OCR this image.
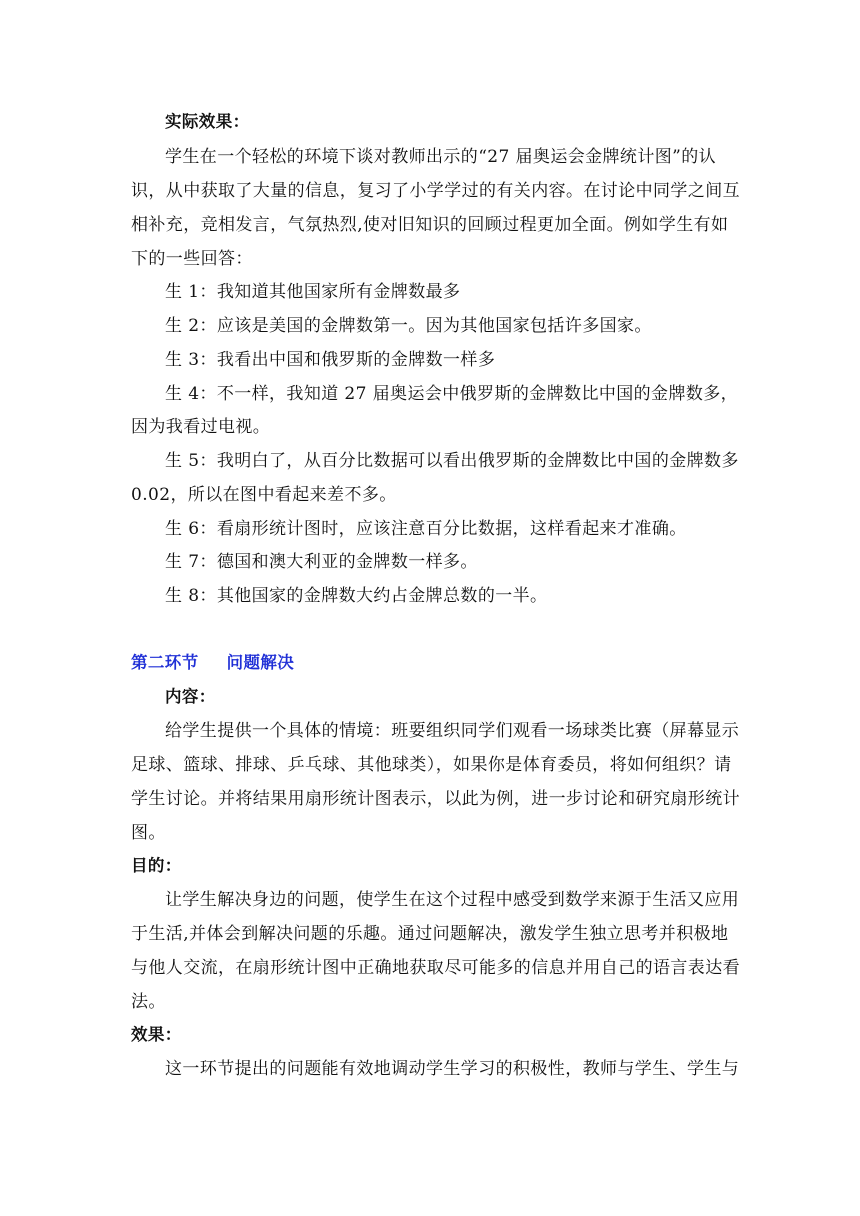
实际效果：
学生在一个轻松的环境下谈对教师出示的“27 届奥运会金牌统计图”的认
识，从中获取了大量的信息，复习了小学学过的有关内容。在讨论中同学之间互
相补充，竞相发言，气氛热烈,使对旧知识的回顾过程更加全面。例如学生有如
下的一些回答：
生 1：我知道其他国家所有金牌数最多
生 2：应该是美国的金牌数第一。因为其他国家包括许多国家。
生 3：我看出中国和俄罗斯的金牌数一样多
生 4：不一样，我知道 27 届奥运会中俄罗斯的金牌数比中国的金牌数多，
因为我看过电视。
生 5：我明白了，从百分比数据可以看出俄罗斯的金牌数比中国的金牌数多
0.02，所以在图中看起来差不多。
生 6：看扇形统计图时，应该注意百分比数据，这样看起来才准确。
生 7：德国和澳大利亚的金牌数一样多。
生 8：其他国家的金牌数大约占金牌总数的一半。
第二环节 问题解决
内容：
给学生提供一个具体的情境：班要组织同学们观看一场球类比赛（屏幕显示
足球、篮球、排球、乒乓球、其他球类），如果你是体育委员，将如何组织？请
学生讨论。并将结果用扇形统计图表示，以此为例，进一步讨论和研究扇形统计
图。
目的：
让学生解决身边的问题，使学生在这个过程中感受到数学来源于生活又应用
于生活,并体会到解决问题的乐趣。通过问题解决，激发学生独立思考并积极地
与他人交流，在扇形统计图中正确地获取尽可能多的信息并用自己的语言表达看
法。
效果：
这一环节提出的问题能有效地调动学生学习的积极性，教师与学生、学生与
